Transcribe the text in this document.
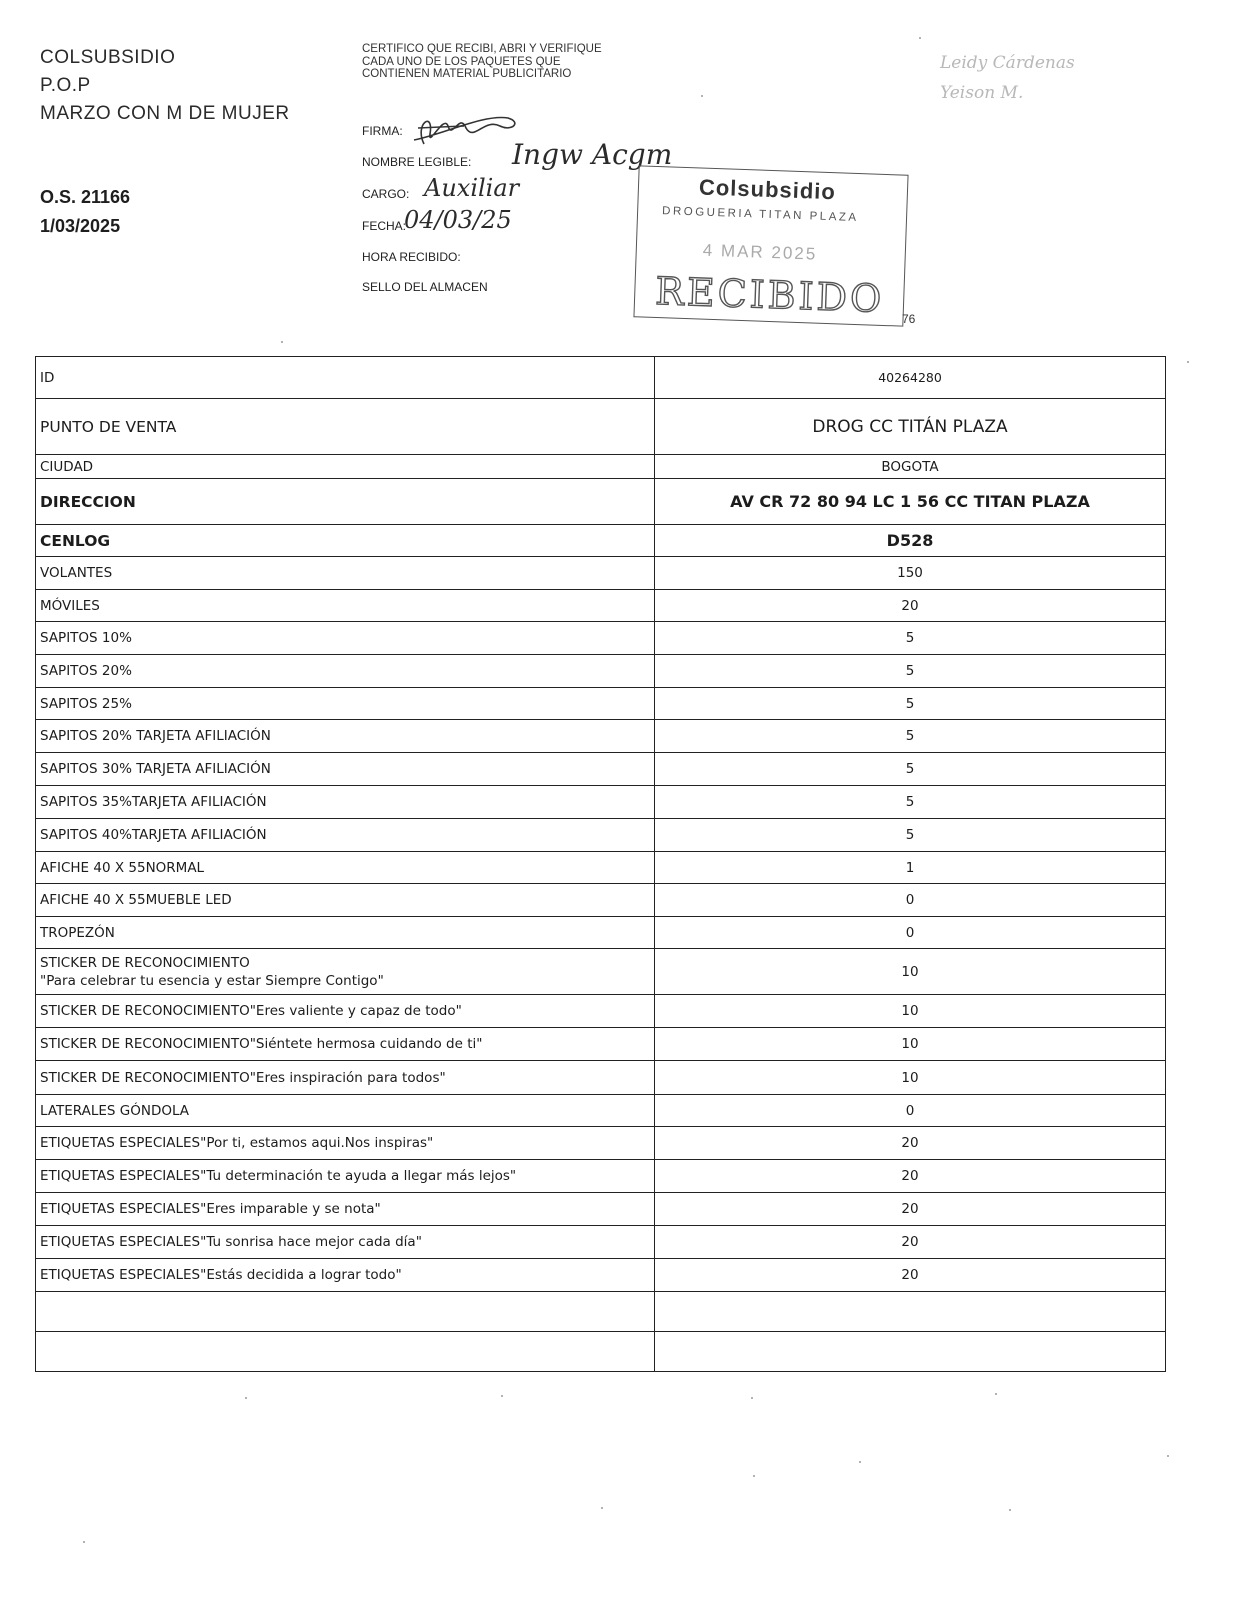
COLSUBSIDIO
P.O.P
MARZO CON M DE MUJER
O.S. 21166
1/03/2025
CERTIFICO QUE RECIBI, ABRI Y VERIFIQUE CADA UNO DE LOS PAQUETES QUE CONTIENEN MATERIAL PUBLICITARIO
FIRMA:
NOMBRE LEGIBLE: Ingw Acgm
CARGO: Auxiliar
FECHA:
04/03/25
HORA RECIBIDO:
SELLO DEL ALMACEN
Colsubsidio
DROGUERIA TITAN PLAZA
4 MAR 2025
RECIBIDO 76
Leidy Cárdenas
Yeison M.
ID	40264280
PUNTO DE VENTA	DROG CC TITÁN PLAZA
CIUDAD	BOGOTA
DIRECCION	AV CR 72 80 94 LC 1 56 CC TITAN PLAZA
CENLOG	D528
VOLANTES	150
MÓVILES	20
SAPITOS 10%	5
SAPITOS 20%	5
SAPITOS 25%	5
SAPITOS 20% TARJETA AFILIACIÓN	5
SAPITOS 30% TARJETA AFILIACIÓN	5
SAPITOS 35%TARJETA AFILIACIÓN	5
SAPITOS 40%TARJETA AFILIACIÓN	5
AFICHE 40 X 55NORMAL	1
AFICHE 40 X 55MUEBLE LED	0
TROPEZÓN	0

STICKER DE RECONOCIMIENTO
"Para celebrar tu esencia y estar Siempre Contigo"	10
STICKER DE RECONOCIMIENTO"Eres valiente y capaz de todo"	10
STICKER DE RECONOCIMIENTO"Siéntete hermosa cuidando de ti"	10
STICKER DE RECONOCIMIENTO"Eres inspiración para todos"	10
LATERALES GÓNDOLA	0
ETIQUETAS ESPECIALES"Por ti, estamos aqui.Nos inspiras"	20
ETIQUETAS ESPECIALES"Tu determinación te ayuda a llegar más lejos"	20
ETIQUETAS ESPECIALES"Eres imparable y se nota"	20
ETIQUETAS ESPECIALES"Tu sonrisa hace mejor cada día"	20
ETIQUETAS ESPECIALES"Estás decidida a lograr todo"	20
